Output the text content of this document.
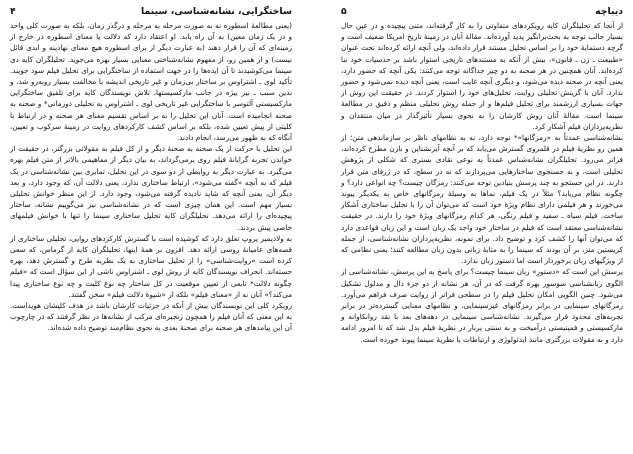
ساختگرایی، نشانه‌شناسی، سینما
۴

(یعنی مطالعهٔ اسطوره نه به صورت مرحله به مرحله و درگذر زمان، بلکه به صورت کلی واحد و در یک زمان معین) به آن راه یابد. او اعتقاد دارد که دلالت یا معنای اسطوره در خارج از زمینه‌ای که آن را قرار دهند (به عبارت دیگر از برای اسطوره هیچ معنای نهادینه و ابدی قائل نیست) و از همین رو، از مفهوم نشانه‌شناختی معنایی بسیار بهره می‌جوید. تحلیلگران کایه دی سینما می‌کوشیدند تا آن ایده‌ها را در جهت استفاده از ساختگرایی برای تحلیل فیلم سود جویند. تأکید لوی ـ اشتراوس بر ساختار بی‌زمان و غیر تاریخی اندیشه با مخالفت بسیار روبه‌رو شد، و بدین سبب ـ نیز بیژه در جانب مارکسیستها، تلاش نویسندگان کایه برای تلفیق ساختگرایی مارکسیستی آلتوسر با ساختگرایی غیر تاریخی لوی ـ اشتراوس به تحلیلی دوزمانی* و صحنه به صحنه انجامیده است. آنان این تحلیل را نه بر اساس تقسیم معنای هر صحنه و در ارتباط با کلیتی از پیش تعیین شده، بلکه بر اساس کشف کارکردهای روایت در زمینهٔ سرکوب و تعیین، آنگاه که به ظهور می‌رسد، انجام دادند.

این تحلیل با حرکت از یک صحنه به صحنهٔ دیگر و از کل فیلم به مقولاتی بزرگتر، در حقیقت از خواندن تجربه گرایانهٔ فیلم روی برمی‌گرداند، به بیان دیگر از مفاهیمی بالاتر از متن فیلم بهره می‌گیرد. به عبارت دیگر به روابطی از دو سوی در این تحلیل، تمایزی بین نشانه‌شناسی در یک فیلم که به آنچه «گفته می‌شود»، ارتباط ساختاری ندارد، یعنی دلالت آن، که وجود دارد، و بعد دیگر آن، یعنی آنچه که شاید نادیده گرفته می‌شود، وجود دارد. از این منظر خوانش تحلیلی بسیار مهم است. این همان چیزی است که در نشانه‌شناسی نیز می‌گوییم نشانه، ساختار پیچیده‌ای را ارائه می‌دهد. تحلیلگران کایه تحلیل ساختاری سینما را تنها با خوانش فیلمهای خاصی پیش بردند.

به ولادیمیر پروپ تعلق دارد که کوشیده است با گسترش کارکردهای روایی، تحلیلی ساختاری از قصه‌های عامیانهٔ روسی ارائه دهد. افزون بر همهٔ اینها، تحلیلگران کایه از گرماس، که سعی کرده است «روایت‌شناسی» را از تحلیل ساختاری به یک نظریه طرح و گسترش دهد، بهره جسته‌اند. انحراف نویسندگان کایه از روش لوی ـ اشتراوس ناشی از این سؤال است که «فیلم چگونه دلالت* تابعی از تعیین موقعیت در کل ساختار چه نوع کلیت و چه نوع ساختاری پیدا می‌کند؟» آنان نه از «معنای فیلم» بلکه از «شیوهٔ دلالت فیلم» سخن گفتند.

رویکرد کلی این نویسندگان بیش از آنکه در جزئیات کارشان باشد در هدف کلیشان هویداست. به این معنی که آنان فیلم را همچون زنجیره‌ای مرکب از نشانه‌ها در نظر گرفتند که در چارچوب آن این پیامدهای هر صحنه برای صحنهٔ بعدی به نحوی نظام‌مند توضیح داده شده‌اند.

دیباچه
۵

از آنجا که تحلیلگران کایه رویکردهای متفاوتی را به کار گرفته‌اند، متنی پیچیده و در عین حال بسیار جالب توجه به بحث‌برانگیز پدید آورده‌اند. مقالهٔ آنان در زمینهٔ تاریخ امریکا ضعیف است و گرچه دستمایهٔ خود را بر اساس تحلیل مستند قرار داده‌اند، ولی آنچه ارائه کرده‌اند تحت عنوان «طبیعت ـ زن ـ قانون»، بیش از آنکه به مستندهای تاریخی استوار باشد بر حدسیات خود بنا کرده‌اند. آنان همچنین در هر صحنه به دو چیز جداگانه توجه می‌کنند: یکی آنچه که حضور دارد، یعنی آنچه در صحنه دیده می‌شود، و دیگری آنچه غایب است، یعنی آنچه دیده نمی‌شود و حضور ندارد. آنان با گزینش تحلیلی روایت، تحلیل‌های خود را استوار کردند. در حقیقت این روش از جهات بسیاری ارزشمند برای تحلیل فیلم‌ها و از جمله روش تحلیلی منظم و دقیق در مطالعهٔ سینما است. مقالهٔ آنان روش کارشان را به نحوی بسیار تأثیرگذار در میان منتقدان و نظریه‌پردازان فیلم آشکار کرد.

نشانه‌شناسی عمدتاً به «رمزگانها»* توجه دارد، نه به نظامهای ناظر بر سازماندهی متن؛ از همین رو نظریهٔ فیلم در قلمروی گسترش می‌یابد که بر آنچه آیزنشتاین و بازن مطرح کرده‌اند، فراتر می‌رود. تحلیلگران نشانه‌شناس عمدتاً به نوعی نقادی بستری که شکلی از پژوهش تحلیلی است، و به جستجوی ساختارهایی می‌پردازند که نه در سطح، که در ژرفای متن قرار دارند. در این جستجو به چند پرسش بنیادین توجه می‌کنند: رمزگان چیست؟ چه انواعی دارد؟ و چگونه نظام می‌یابد؟ مثلاً در یک فیلم، نماها به وسیلهٔ رمزگانهای خاص به یکدیگر پیوند می‌خورند و هر فیلمی دارای نظام ویژهٔ خود است که می‌توان آن را با تحلیل ساختاری آشکار ساخت. فیلم سیاه ـ سفید و فیلم رنگی، هر کدام رمزگانهای ویژهٔ خود را دارند. در حقیقت نشانه‌شناسی معتقد است که فیلم در ساختار خود واجد یک زبان است و این زبان قواعدی دارد که می‌توان آنها را کشف کرد و توضیح داد. برای نمونه، نظریه‌پردازان نشانه‌شناسی، از جمله کریستین متز، بر آن بودند که سینما را به مثابهٔ زبانی بدون زبان مطالعه کنند؛ یعنی نظامی که از ویژگیهای زبان برخوردار است اما دستور زبان ندارد.

پرسش این است که «دستورِ» زبان سینما چیست؟ برای پاسخ به این پرسش، نشانه‌شناسی از الگوی زبانشناسی سوسور بهره گرفت که در آن، هر نشانه از دو جزء دال و مدلول تشکیل می‌شود. چنین الگویی امکان تحلیل فیلم را در سطحی فراتر از روایت صرف فراهم می‌آورد. رمزگانهای سینمایی در برابر رمزگانهای غیرسینمایی، و نظامهای معنایی گسترده‌تر در برابر تجربه‌های محدود قرار می‌گیرند. نشانه‌شناسی سینمایی در دهه‌های بعد با نقد روانکاوانه و مارکسیستی و فمینیستی درآمیخت و به سنتی پربار در نظریهٔ فیلم بدل شد که تا امروز ادامه دارد و به مقولات بزرگتری مانند ایدئولوژی و ارتباطات با نظریهٔ سینما پیوند خورده است.
